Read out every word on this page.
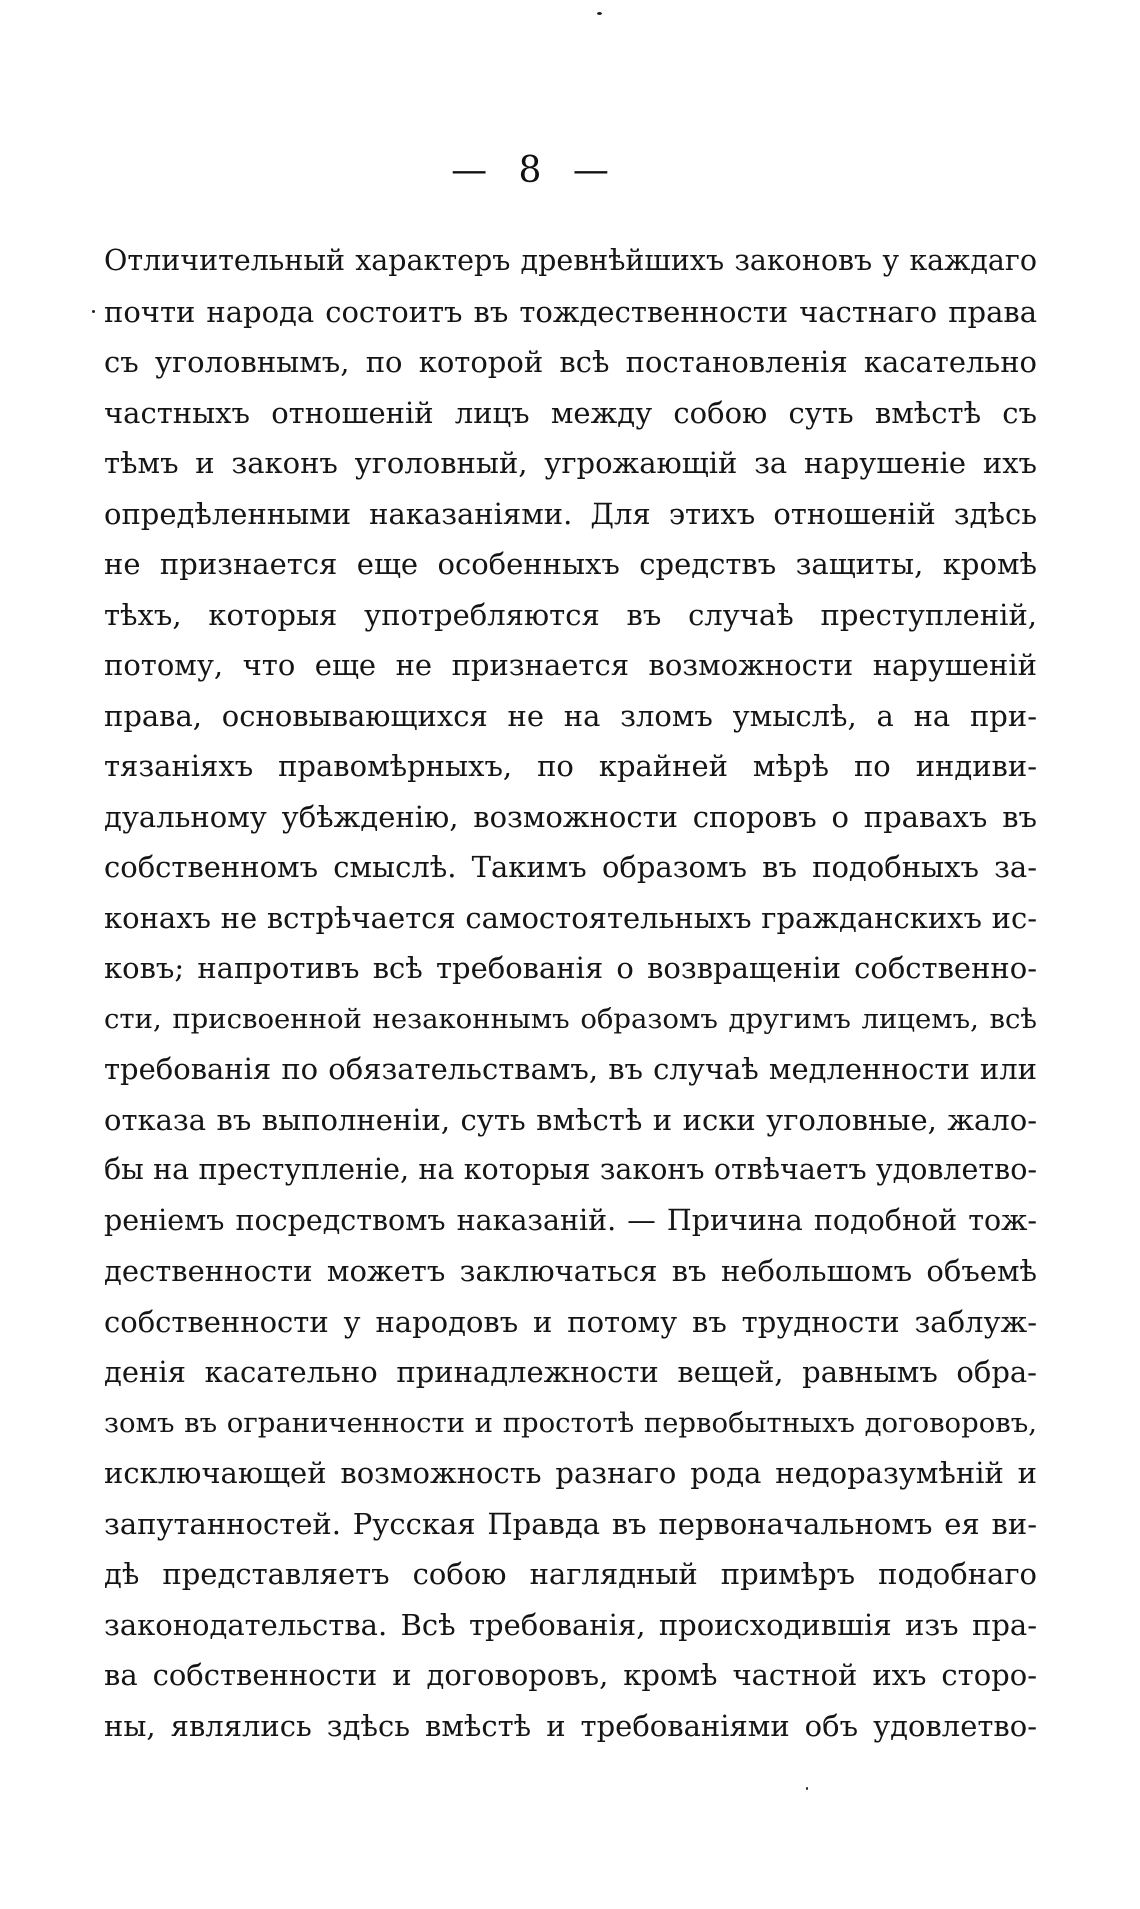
— 8 —
Отличительный характеръ древнѣйшихъ законовъ у каждаго
почти народа состоитъ въ тождественности частнаго права
съ уголовнымъ, по которой всѣ постановленія касательно
частныхъ отношеній лицъ между собою суть вмѣстѣ съ
тѣмъ и законъ уголовный, угрожающій за нарушеніе ихъ
опредѣленными наказаніями. Для этихъ отношеній здѣсь
не признается еще особенныхъ средствъ защиты, кромѣ
тѣхъ, которыя употребляются въ случаѣ преступленій,
потому, что еще не признается возможности нарушеній
права, основывающихся не на зломъ умыслѣ, а на при-
тязаніяхъ правомѣрныхъ, по крайней мѣрѣ по индиви-
дуальному убѣжденію, возможности споровъ о правахъ въ
собственномъ смыслѣ. Такимъ образомъ въ подобныхъ за-
конахъ не встрѣчается самостоятельныхъ гражданскихъ ис-
ковъ; напротивъ всѣ требованія о возвращеніи собственно-
сти, присвоенной незаконнымъ образомъ другимъ лицемъ, всѣ
требованія по обязательствамъ, въ случаѣ медленности или
отказа въ выполненіи, суть вмѣстѣ и иски уголовные, жало-
бы на преступленіе, на которыя законъ отвѣчаетъ удовлетво-
реніемъ посредствомъ наказаній. — Причина подобной тож-
дественности можетъ заключаться въ небольшомъ объемѣ
собственности у народовъ и потому въ трудности заблуж-
денія касательно принадлежности вещей, равнымъ обра-
зомъ въ ограниченности и простотѣ первобытныхъ договоровъ,
исключающей возможность разнаго рода недоразумѣній и
запутанностей. Русская Правда въ первоначальномъ ея ви-
дѣ представляетъ собою наглядный примѣръ подобнаго
законодательства. Всѣ требованія, происходившія изъ пра-
ва собственности и договоровъ, кромѣ частной ихъ сторо-
ны, являлись здѣсь вмѣстѣ и требованіями объ удовлетво-
